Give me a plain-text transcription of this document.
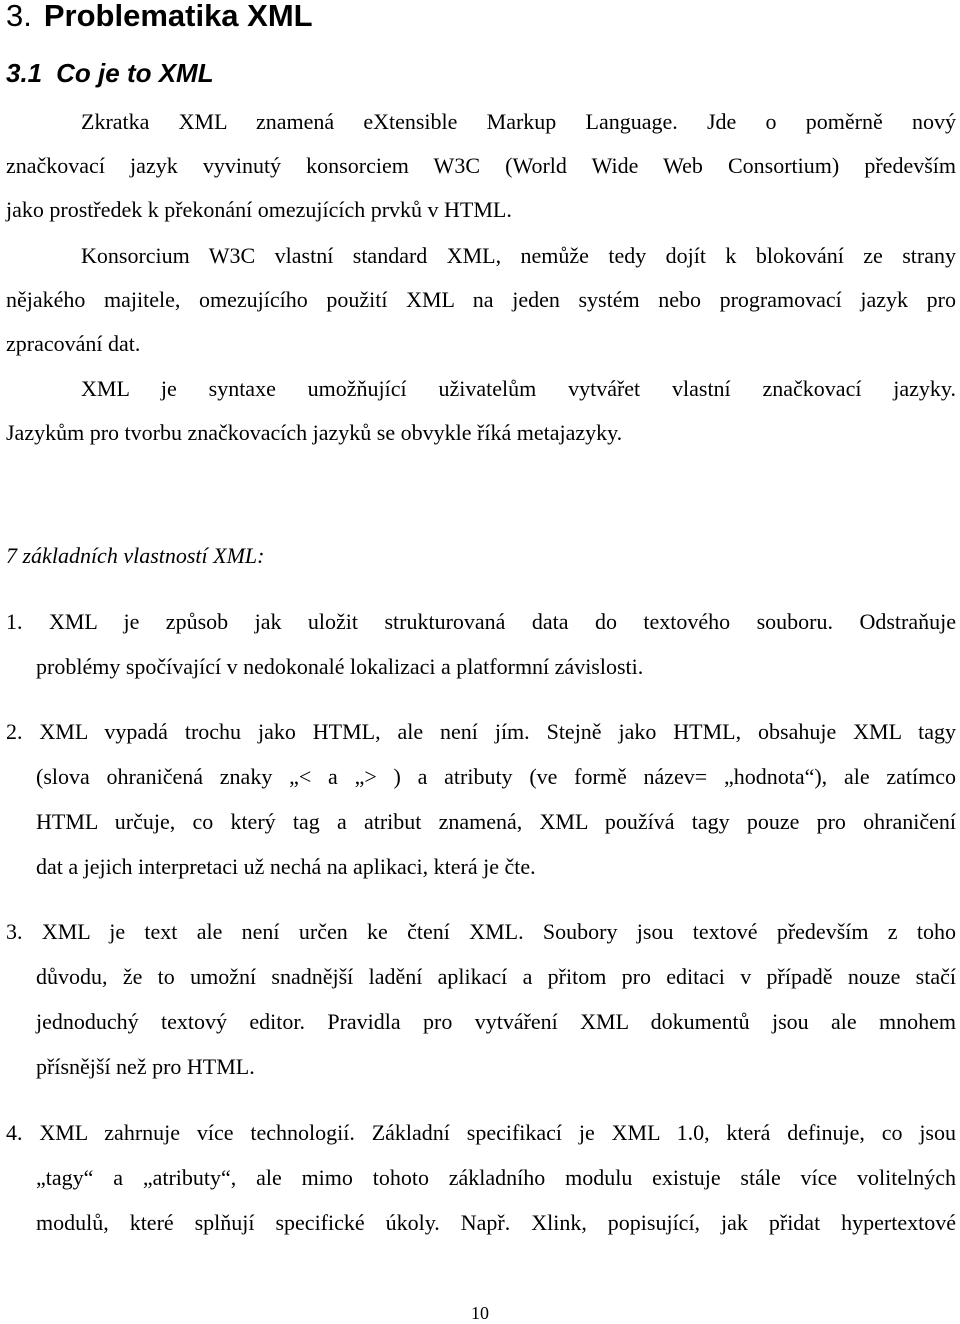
3. Problematika XML
3.1 Co je to XML
Zkratka XML znamená eXtensible Markup Language. Jde o poměrně nový
značkovací jazyk vyvinutý konsorciem W3C (World Wide Web Consortium) především
jako prostředek k překonání omezujících prvků v HTML.
Konsorcium W3C vlastní standard XML, nemůže tedy dojít k blokování ze strany
nějakého majitele, omezujícího použití XML na jeden systém nebo programovací jazyk pro
zpracování dat.
XML je syntaxe umožňující uživatelům vytvářet vlastní značkovací jazyky.
Jazykům pro tvorbu značkovacích jazyků se obvykle říká metajazyky.
7 základních vlastností XML:
1. XML je způsob jak uložit strukturovaná data do textového souboru. Odstraňuje
problémy spočívající v nedokonalé lokalizaci a platformní závislosti.
2. XML vypadá trochu jako HTML, ale není jím. Stejně jako HTML, obsahuje XML tagy
(slova ohraničená znaky „< a „> ) a atributy (ve formě název= „hodnota“), ale zatímco
HTML určuje, co který tag a atribut znamená, XML používá tagy pouze pro ohraničení
dat a jejich interpretaci už nechá na aplikaci, která je čte.
3. XML je text ale není určen ke čtení XML. Soubory jsou textové především z toho
důvodu, že to umožní snadnější ladění aplikací a přitom pro editaci v případě nouze stačí
jednoduchý textový editor. Pravidla pro vytváření XML dokumentů jsou ale mnohem
přísnější než pro HTML.
4. XML zahrnuje více technologií. Základní specifikací je XML 1.0, která definuje, co jsou
„tagy“ a „atributy“, ale mimo tohoto základního modulu existuje stále více volitelných
modulů, které splňují specifické úkoly. Např. Xlink, popisující, jak přidat hypertextové
10
